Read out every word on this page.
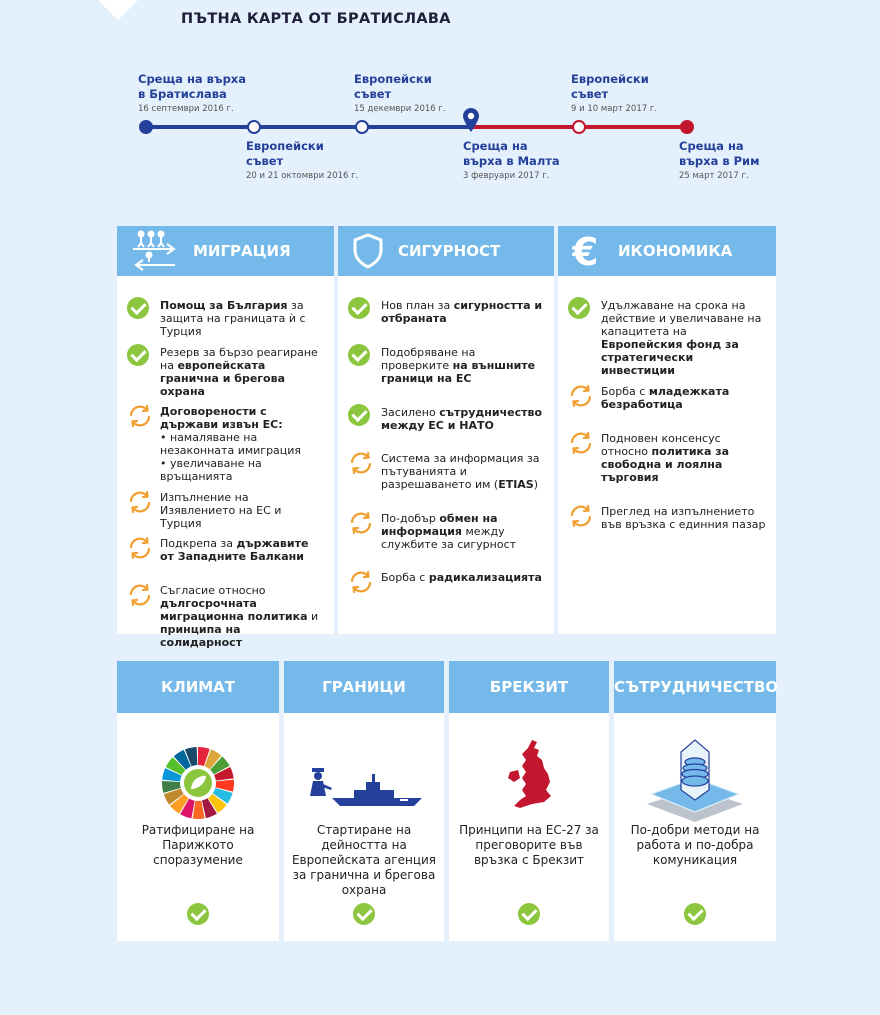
ПЪТНА КАРТА ОТ БРАТИСЛАВА
Среща на върха
в Братислава
16 септември 2016 г.
Европейски
съвет
20 и 21 октомври 2016 г.
Европейски
съвет
15 декември 2016 г.
Среща на
върха в Малта
3 февруари 2017 г.
Европейски
съвет
9 и 10 март 2017 г.
Среща на
върха в Рим
25 март 2017 г.
МИГРАЦИЯ
Помощ за България за защита на границата ѝ с Турция
Резерв за бързо реагиране на европейската гранична и брегова охрана
Договорености с държави извън ЕС:
• намаляване на незаконната имиграция
• увеличаване на връщанията
Изпълнение на Изявлението на ЕС и Турция
Подкрепа за държавите от Западните Балкани
Съгласие относно дългосрочната миграционна политика и принципа на солидарност
СИГУРНОСТ
Нов план за сигурността и отбраната
Подобряване на проверките на външните граници на ЕС
Засилено сътрудничество между ЕС и НАТО
Система за информация за пътуванията и разрешаването им (ETIAS)
По-добър обмен на информация между службите за сигурност
Борба с радикализацията
€ ИКОНОМИКА
Удължаване на срока на действие и увеличаване на капацитета на Европейския фонд за стратегически инвестиции
Борба с младежката безработица
Подновен консенсус относно политика за свободна и лоялна търговия
Преглед на изпълнението във връзка с единния пазар
КЛИМАТ
Ратифициране на Парижкото споразумение
ГРАНИЦИ
Стартиране на дейността на Европейската агенция за гранична и брегова охрана
БРЕКЗИТ
Принципи на ЕС-27 за преговорите във връзка с Брекзит
СЪТРУДНИЧЕСТВО
По-добри методи на работа и по-добра комуникация
